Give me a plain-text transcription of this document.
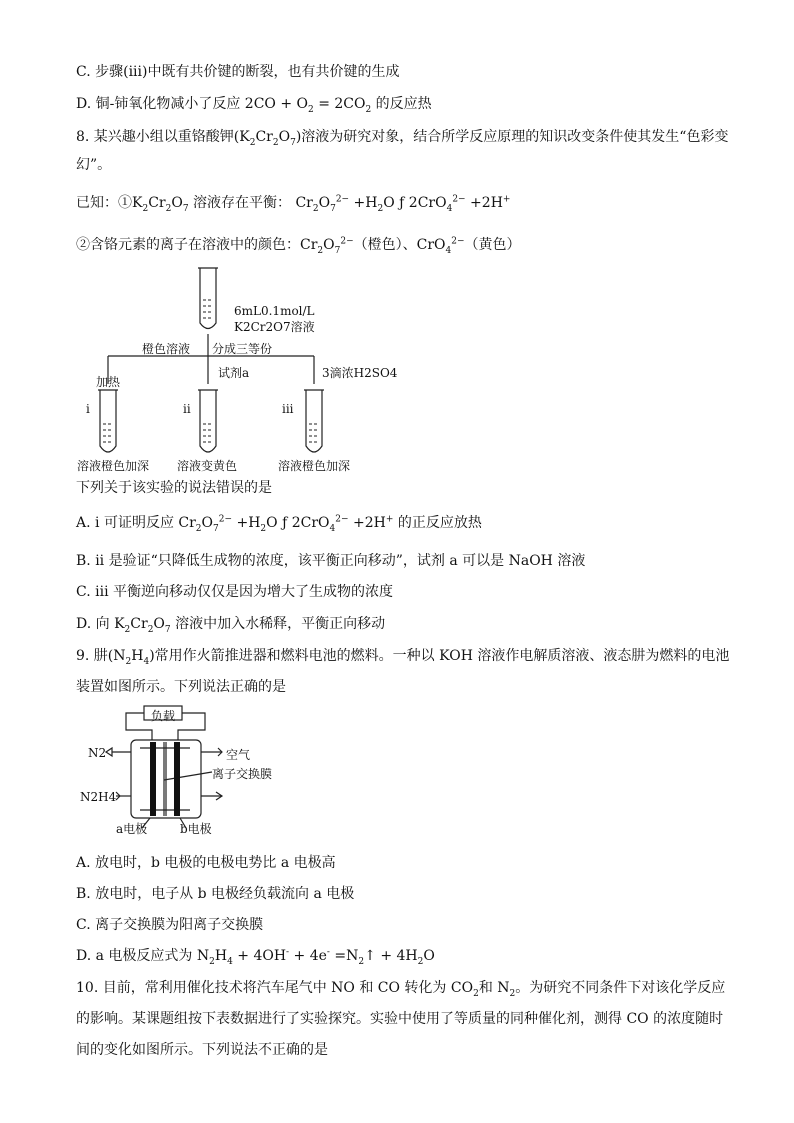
C. 步骤(iii)中既有共价键的断裂，也有共价键的生成
D. 铜-铈氧化物减小了反应 $2CO + O_2 = 2CO_2$ 的反应热
8. 某兴趣小组以重铬酸钾$(K_2Cr_2O_7)$溶液为研究对象，结合所学反应原理的知识改变条件使其发生“色彩变
幻”。
已知：$①K_2Cr_2O_7$ 溶液存在平衡： $Cr_2O_7^{2-} +H_2O$ ƒ 2CrO$_4^{2-}$ +2H+
②含铬元素的离子在溶液中的颜色：$Cr_2O_7^{2-}$（橙色）、CrO$_4^{2-}$（黄色）
6mL0.1mol/L
K2Cr2O7溶液
橙色溶液 分成三等份
加热
试剂a	3滴浓H2SO4
i	ii	iii
溶液橙色加深 溶液变黄色	溶液橙色加深
下列关于该实验的说法错误的是
A. i 可证明反应 $Cr_2O_7^{2-} +H_2O$ ƒ 2CrO$_4^{2-}$ +2H+ 的正反应放热
B. ii 是验证“只降低生成物的浓度，该平衡正向移动”，试剂 a 可以是 NaOH 溶液
C. iii 平衡逆向移动仅仅是因为增大了生成物的浓度
D. 向 $K_2Cr_2O_7$ 溶液中加入水稀释，平衡正向移动
9. 肼$(N_2H_4)$常用作火箭推进器和燃料电池的燃料。一种以 KOH 溶液作电解质溶液、液态肼为燃料的电池
装置如图所示。下列说法正确的是
负载
N2
N2H4
空气
离子交换膜
a电极	b电极
A. 放电时，b 电极的电极电势比 a 电极高
B. 放电时，电子从 b 电极经负载流向 a 电极
C. 离子交换膜为阳离子交换膜
D. a 电极反应式为 $N_2H_4 + 4OH^- + 4e^-$ $=N_2↑ + 4H_2O$
10. 目前，常利用催化技术将汽车尾气中 NO 和 CO 转化为 $CO_2$和 $N_2$。为研究不同条件下对该化学反应
的影响。某课题组按下表数据进行了实验探究。实验中使用了等质量的同种催化剂，测得 CO 的浓度随时
间的变化如图所示。下列说法不正确的是
